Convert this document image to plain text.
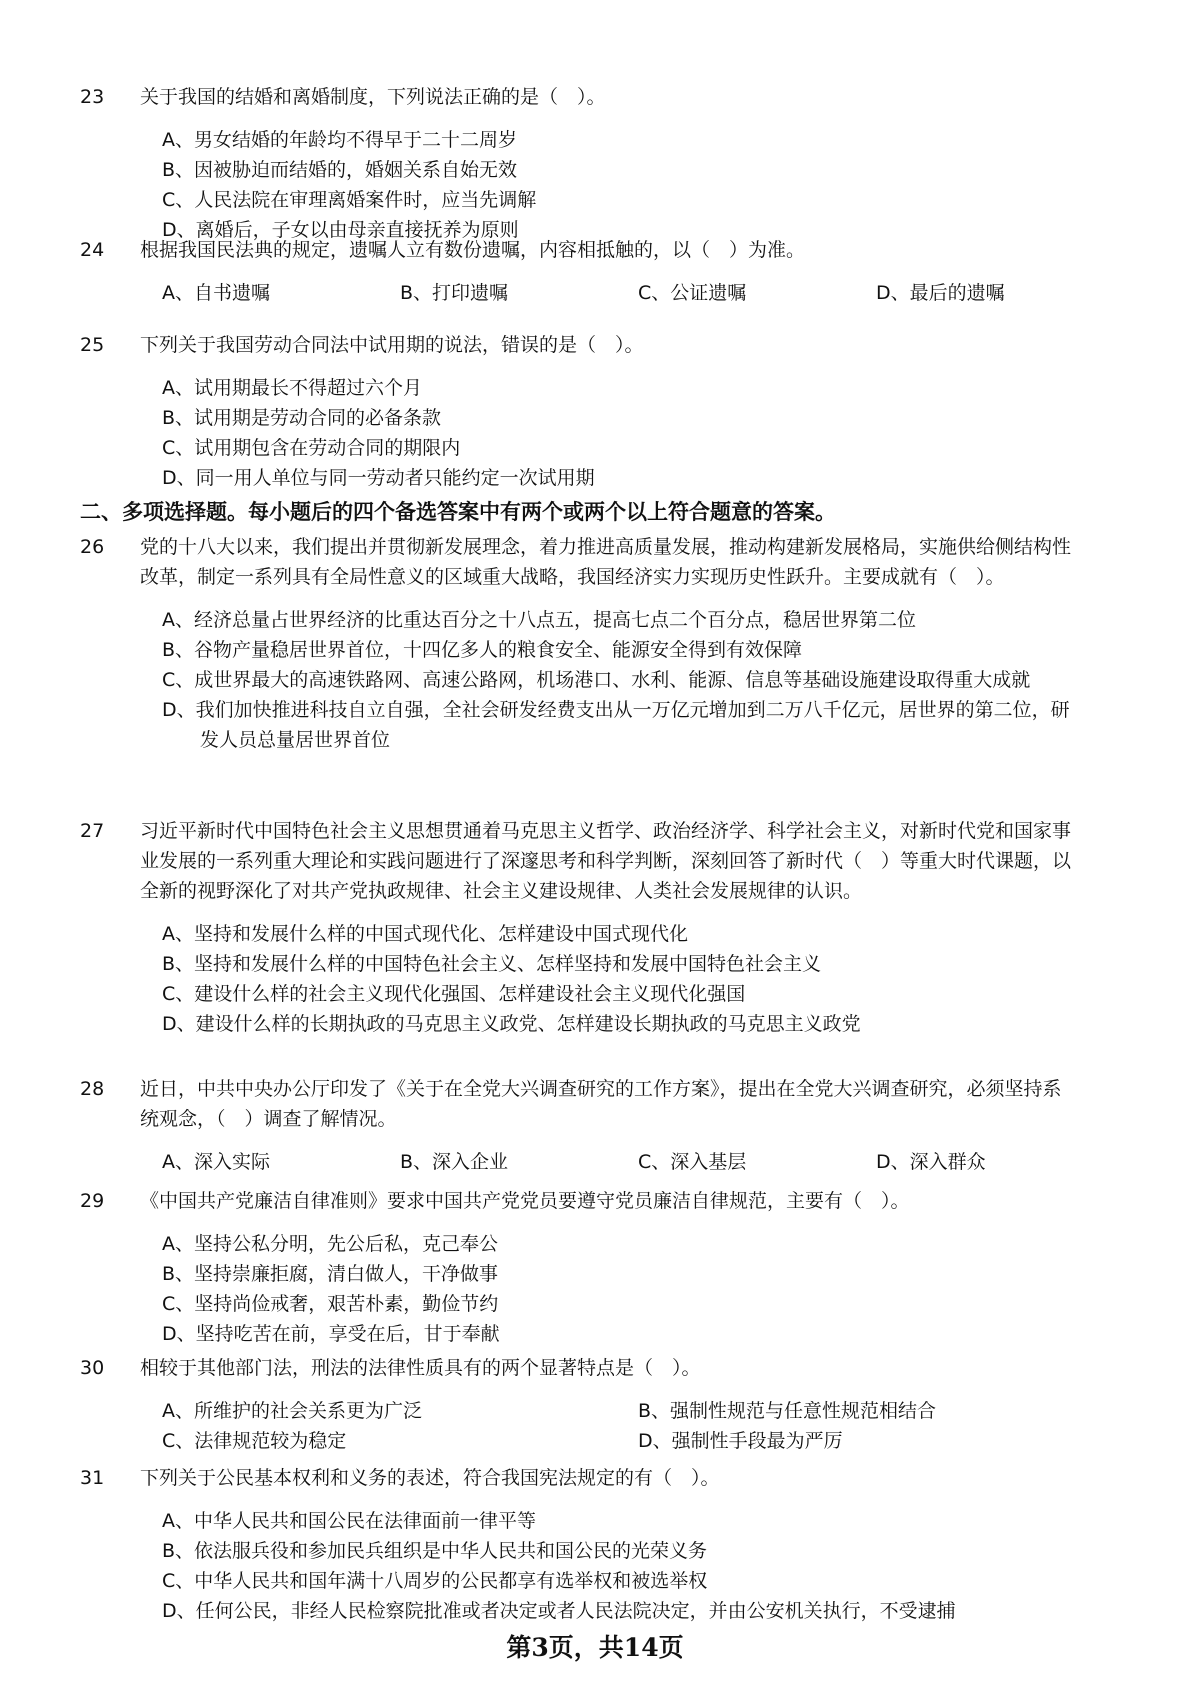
23	关于我国的结婚和离婚制度，下列说法正确的是（　）。
A、男女结婚的年龄均不得早于二十二周岁
B、因被胁迫而结婚的，婚姻关系自始无效
C、人民法院在审理离婚案件时，应当先调解
D、离婚后，子女以由母亲直接抚养为原则
24	根据我国民法典的规定，遗嘱人立有数份遗嘱，内容相抵触的，以（　）为准。
A、自书遗嘱	B、打印遗嘱	C、公证遗嘱	D、最后的遗嘱
25	下列关于我国劳动合同法中试用期的说法，错误的是（　）。
A、试用期最长不得超过六个月
B、试用期是劳动合同的必备条款
C、试用期包含在劳动合同的期限内
D、同一用人单位与同一劳动者只能约定一次试用期
二、多项选择题。每小题后的四个备选答案中有两个或两个以上符合题意的答案。
26	党的十八大以来，我们提出并贯彻新发展理念，着力推进高质量发展，推动构建新发展格局，实施供给侧结构性改革，制定一系列具有全局性意义的区域重大战略，我国经济实力实现历史性跃升。主要成就有（　）。
A、经济总量占世界经济的比重达百分之十八点五，提高七点二个百分点，稳居世界第二位
B、谷物产量稳居世界首位，十四亿多人的粮食安全、能源安全得到有效保障
C、成世界最大的高速铁路网、高速公路网，机场港口、水利、能源、信息等基础设施建设取得重大成就
D、我们加快推进科技自立自强，全社会研发经费支出从一万亿元增加到二万八千亿元，居世界的第二位，研发人员总量居世界首位
27	习近平新时代中国特色社会主义思想贯通着马克思主义哲学、政治经济学、科学社会主义，对新时代党和国家事业发展的一系列重大理论和实践问题进行了深邃思考和科学判断，深刻回答了新时代（　）等重大时代课题，以全新的视野深化了对共产党执政规律、社会主义建设规律、人类社会发展规律的认识。
A、坚持和发展什么样的中国式现代化、怎样建设中国式现代化
B、坚持和发展什么样的中国特色社会主义、怎样坚持和发展中国特色社会主义
C、建设什么样的社会主义现代化强国、怎样建设社会主义现代化强国
D、建设什么样的长期执政的马克思主义政党、怎样建设长期执政的马克思主义政党
28	近日，中共中央办公厅印发了《关于在全党大兴调查研究的工作方案》，提出在全党大兴调查研究，必须坚持系统观念，（　）调查了解情况。
A、深入实际	B、深入企业	C、深入基层	D、深入群众
29	《中国共产党廉洁自律准则》要求中国共产党党员要遵守党员廉洁自律规范，主要有（　）。
A、坚持公私分明，先公后私，克己奉公
B、坚持崇廉拒腐，清白做人，干净做事
C、坚持尚俭戒奢，艰苦朴素，勤俭节约
D、坚持吃苦在前，享受在后，甘于奉献
30	相较于其他部门法，刑法的法律性质具有的两个显著特点是（　）。
A、所维护的社会关系更为广泛	B、强制性规范与任意性规范相结合
C、法律规范较为稳定	D、强制性手段最为严厉
31	下列关于公民基本权利和义务的表述，符合我国宪法规定的有（　）。
A、中华人民共和国公民在法律面前一律平等
B、依法服兵役和参加民兵组织是中华人民共和国公民的光荣义务
C、中华人民共和国年满十八周岁的公民都享有选举权和被选举权
D、任何公民，非经人民检察院批准或者决定或者人民法院决定，并由公安机关执行，不受逮捕
第3页，共14页
